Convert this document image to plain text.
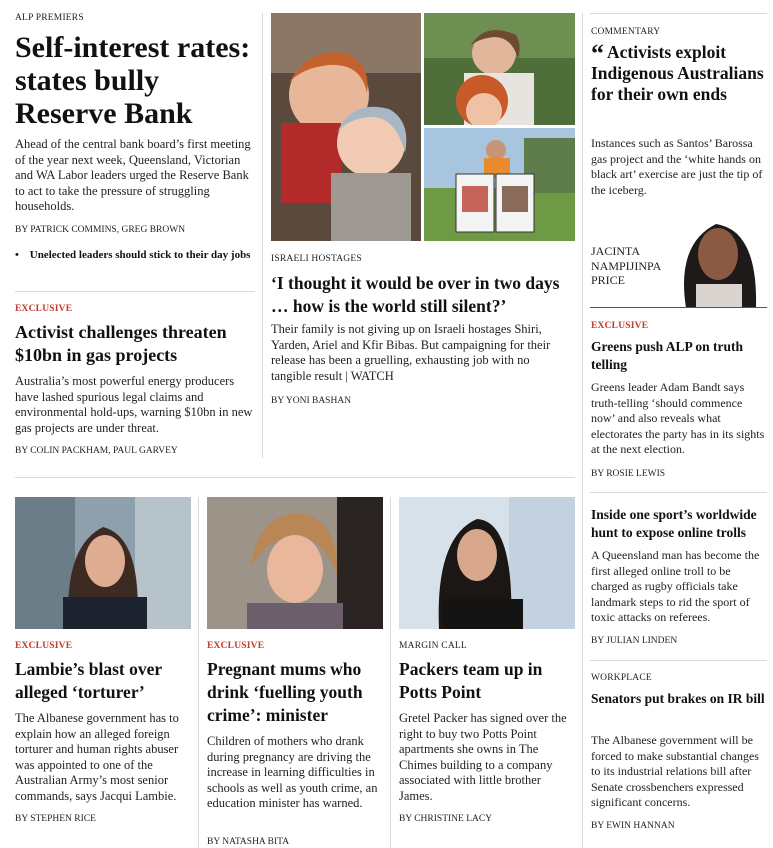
ALP PREMIERS
Self-interest rates: states bully Reserve Bank

Ahead of the central bank board’s first meeting of the year next week, Queensland, Victorian and WA Labor leaders urged the Reserve Bank to act to take the pressure of struggling households.

BY PATRICK COMMINS, GREG BROWN
• Unelected leaders should stick to their day jobs
EXCLUSIVE
Activist challenges threaten $10bn in gas projects

Australia’s most powerful energy producers have lashed spurious legal claims and environmental hold-ups, warning $10bn in new gas projects are under threat.

BY COLIN PACKHAM, PAUL GARVEY
ISRAELI HOSTAGES
‘I thought it would be over in two days … how is the world still silent?’

Their family is not giving up on Israeli hostages Shiri, Yarden, Ariel and Kfir Bibas. But campaigning for their release has been a gruelling, exhausting job with no tangible result | WATCH

BY YONI BASHAN
COMMENTARY
“ Activists exploit Indigenous Australians for their own ends

Instances such as Santos’ Barossa gas project and the ‘white hands on black art’ exercise are just the tip of the iceberg.

JACINTA
NAMPIJINPA
PRICE
EXCLUSIVE
Greens push ALP on truth telling

Greens leader Adam Bandt says truth-telling ‘should commence now’ and also reveals what electorates the party has in its sights at the next election.

BY ROSIE LEWIS
Inside one sport’s worldwide hunt to expose online trolls

A Queensland man has become the first alleged online troll to be charged as rugby officials take landmark steps to rid the sport of toxic attacks on referees.

BY JULIAN LINDEN
WORKPLACE
Senators put brakes on IR bill

The Albanese government will be forced to make substantial changes to its industrial relations bill after Senate crossbenchers expressed significant concerns.

BY EWIN HANNAN
EXCLUSIVE
Lambie’s blast over alleged ‘torturer’

The Albanese government has to explain how an alleged foreign torturer and human rights abuser was appointed to one of the Australian Army’s most senior commands, says Jacqui Lambie.

BY STEPHEN RICE
EXCLUSIVE
Pregnant mums who drink ‘fuelling youth crime’: minister

Children of mothers who drank during pregnancy are driving the increase in learning difficulties in schools as well as youth crime, an education minister has warned.

BY NATASHA BITA
MARGIN CALL
Packers team up in Potts Point

Gretel Packer has signed over the right to buy two Potts Point apartments she owns in The Chimes building to a company associated with little brother James.

BY CHRISTINE LACY
